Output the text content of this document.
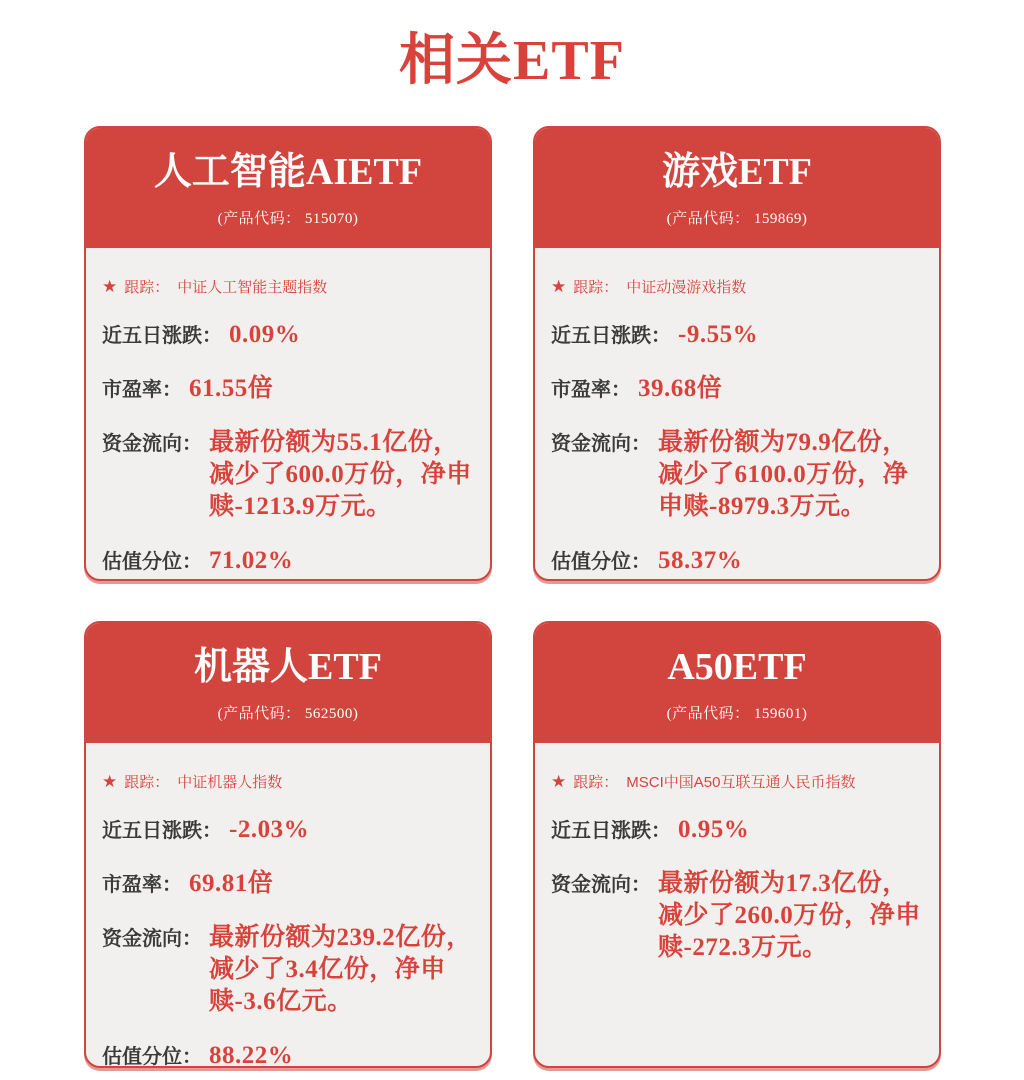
相关ETF
人工智能AIETF
(产品代码： 515070)
★ 跟踪： 中证人工智能主题指数
近五日涨跌： 0.09%
市盈率： 61.55倍
资金流向： 最新份额为55.1亿份，减少了600.0万份，净申赎-1213.9万元。
估值分位： 71.02%
游戏ETF
(产品代码： 159869)
★ 跟踪： 中证动漫游戏指数
近五日涨跌： -9.55%
市盈率： 39.68倍
资金流向： 最新份额为79.9亿份，减少了6100.0万份，净申赎-8979.3万元。
估值分位： 58.37%
机器人ETF
(产品代码： 562500)
★ 跟踪： 中证机器人指数
近五日涨跌： -2.03%
市盈率： 69.81倍
资金流向： 最新份额为239.2亿份，减少了3.4亿份，净申赎-3.6亿元。
估值分位： 88.22%
A50ETF
(产品代码： 159601)
★ 跟踪： MSCI中国A50互联互通人民币指数
近五日涨跌： 0.95%
资金流向： 最新份额为17.3亿份，减少了260.0万份，净申赎-272.3万元。
